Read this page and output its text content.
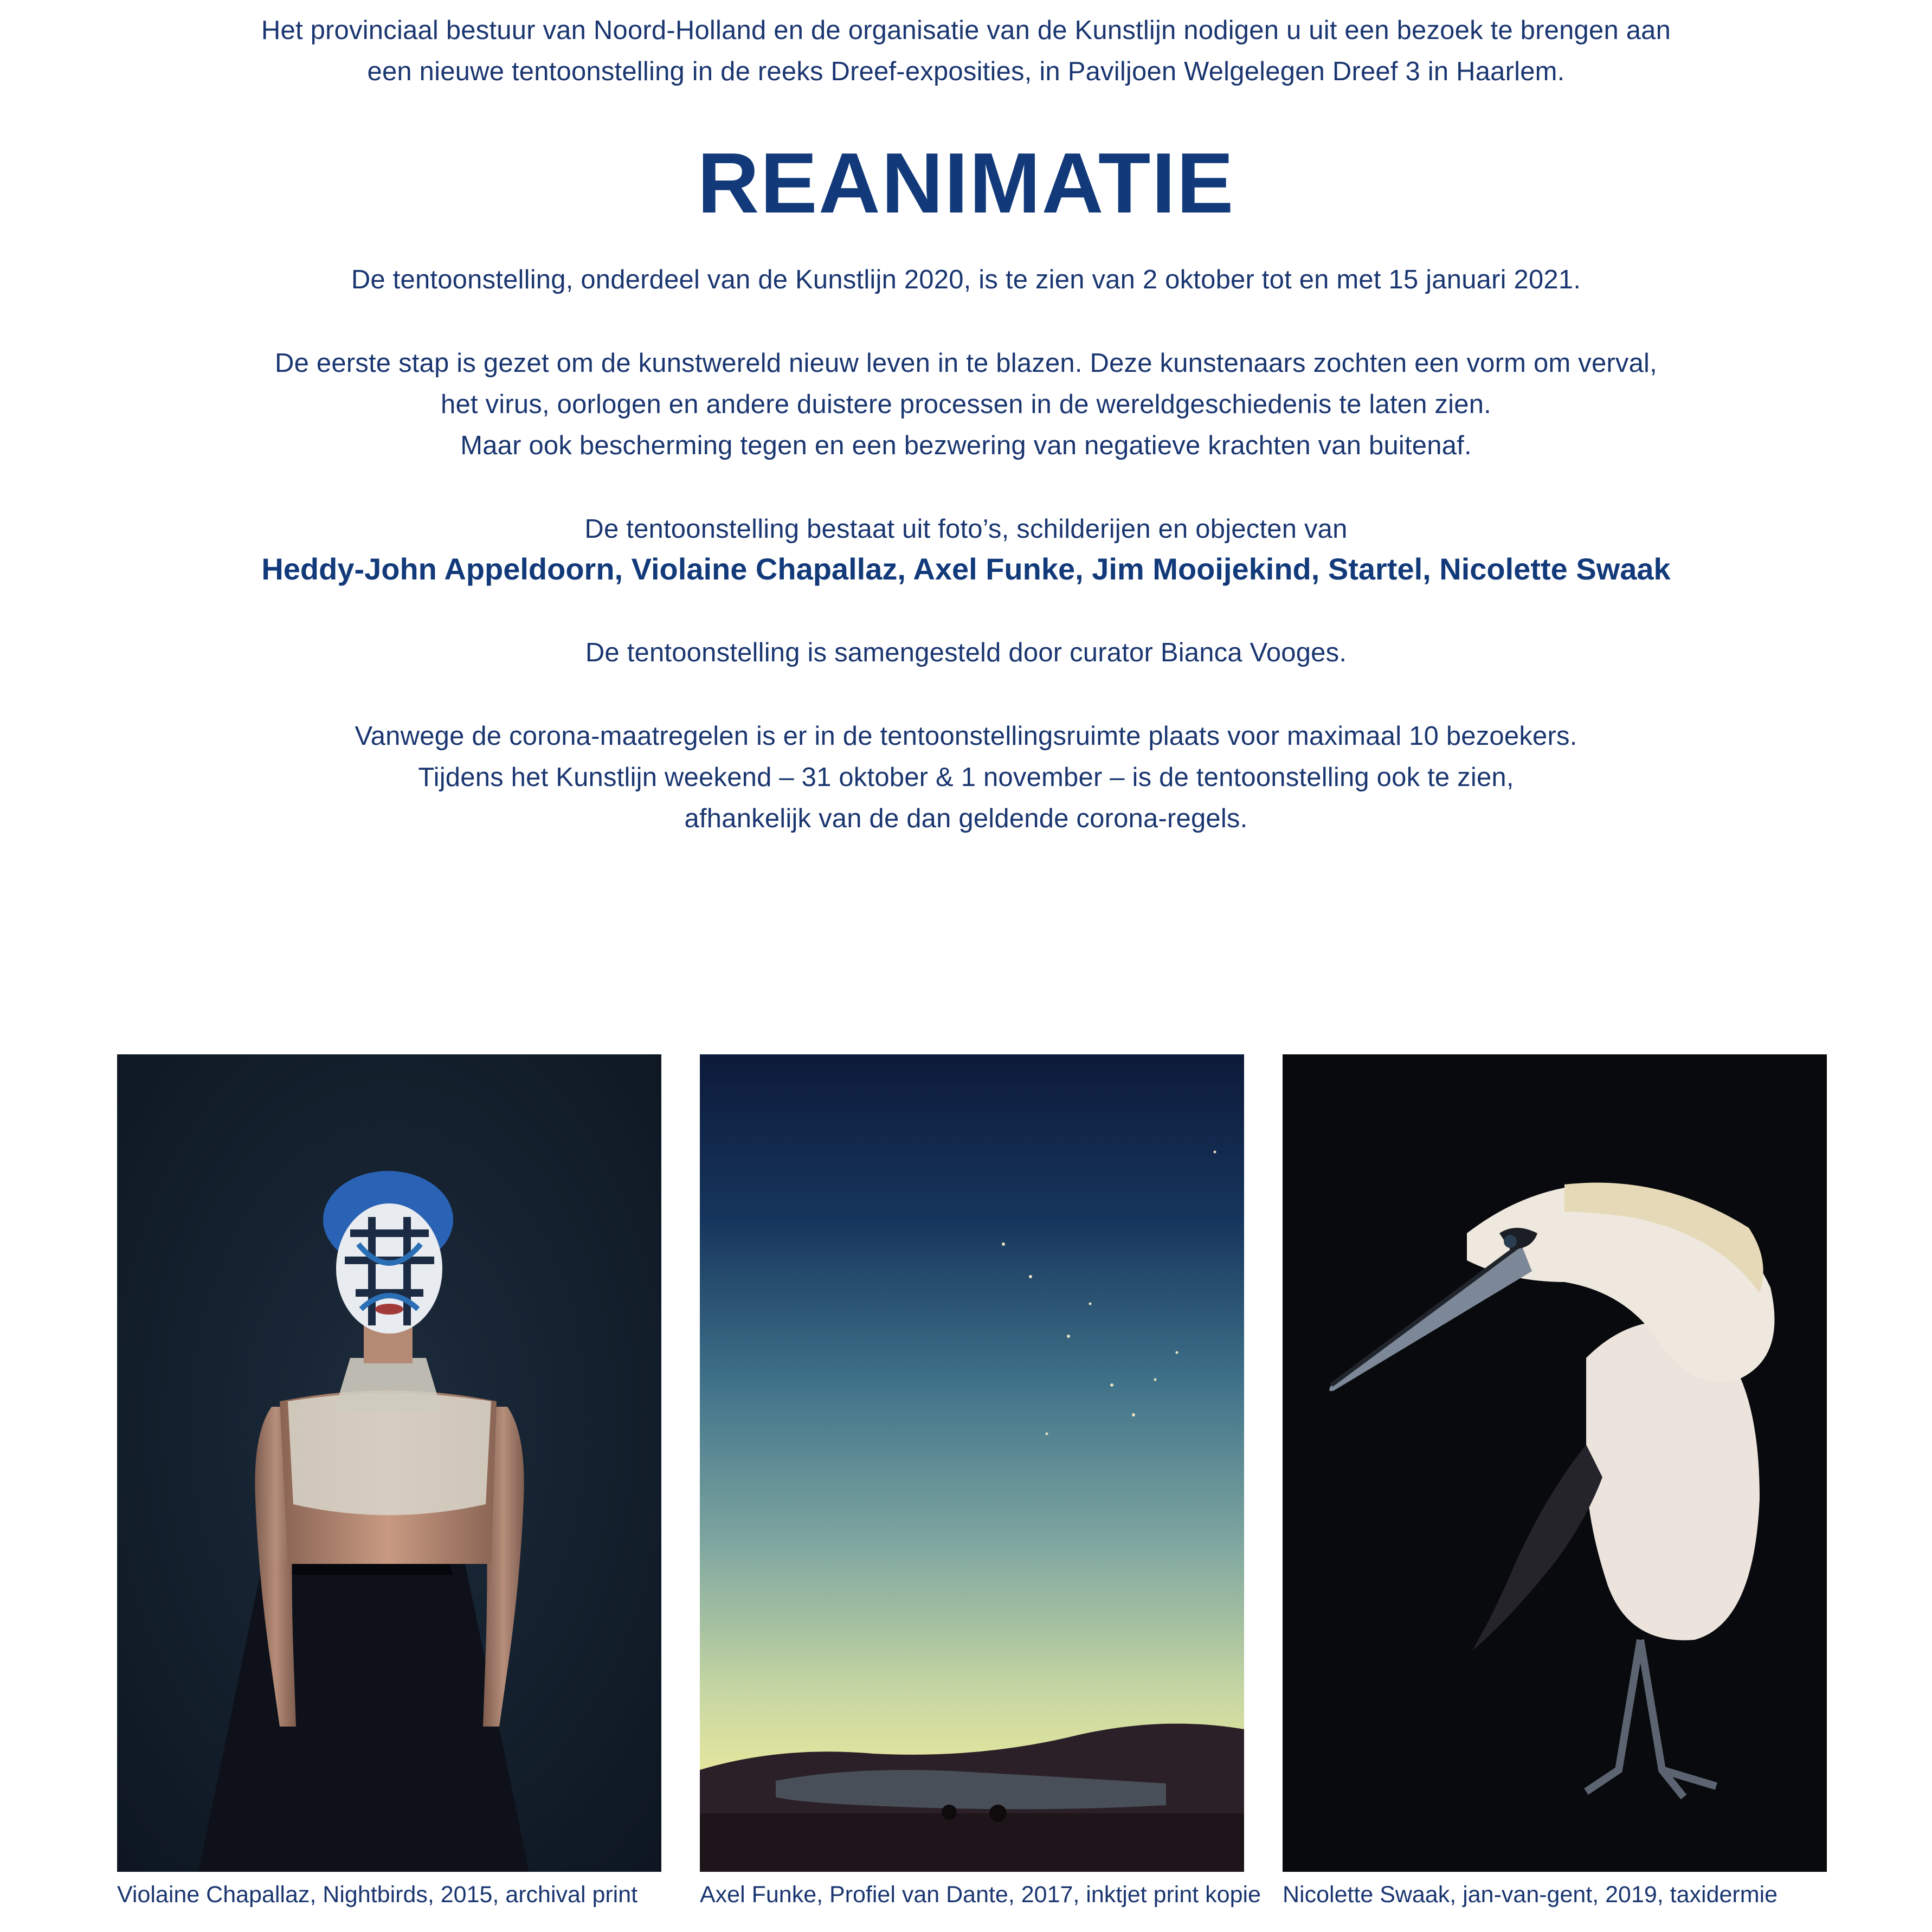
Het provinciaal bestuur van Noord-Holland en de organisatie van de Kunstlijn nodigen u uit een bezoek te brengen aan

een nieuwe tentoonstelling in de reeks Dreef-exposities, in Paviljoen Welgelegen Dreef 3 in Haarlem.

REANIMATIE

De tentoonstelling, onderdeel van de Kunstlijn 2020, is te zien van 2 oktober tot en met 15 januari 2021.

De eerste stap is gezet om de kunstwereld nieuw leven in te blazen. Deze kunstenaars zochten een vorm om verval,

het virus, oorlogen en andere duistere processen in de wereldgeschiedenis te laten zien.

Maar ook bescherming tegen en een bezwering van negatieve krachten van buitenaf.

De tentoonstelling bestaat uit foto’s, schilderijen en objecten van

Heddy-John Appeldoorn, Violaine Chapallaz, Axel Funke, Jim Mooijekind, Startel, Nicolette Swaak

De tentoonstelling is samengesteld door curator Bianca Vooges.

Vanwege de corona-maatregelen is er in de tentoonstellingsruimte plaats voor maximaal 10 bezoekers.

Tijdens het Kunstlijn weekend – 31 oktober & 1 november – is de tentoonstelling ook te zien,

afhankelijk van de dan geldende corona-regels.

Violaine Chapallaz, Nightbirds, 2015, archival print	Axel Funke, Profiel van Dante, 2017, inktjet print kopie Nicolette Swaak, jan-van-gent, 2019, taxidermie
